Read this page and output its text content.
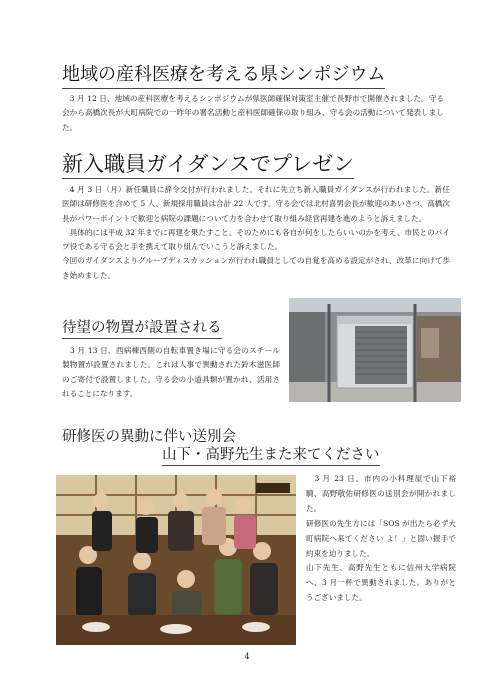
地域の産科医療を考える県シンポジウム

　3 月 12 日、地域の産科医療を考えるシンポジウムが県医師確保対策室主催で長野市で開催されました。守る会から高橋次長が大町病院での一昨年の署名活動と産科医師確保の取り組み、守る会の活動について発表しました。

新入職員ガイダンスでプレゼン

　4 月 3 日（月）新任職員に辞令交付が行われました。それに先立ち新入職員ガイダンスが行われました。新任医師は研修医を含めて 5 人、新規採用職員は合計 22 人です。守る会では北村喜男会長が歓迎のあいさつ、高橋次長がパワーポイントで歓迎と病院の課題について力を合わせて取り組み経営再建を進めようと訴えました。

　具体的には平成 32 年までに再建を果たすこと。そのためにも各自が何をしたらいいのかを考え、市民とのパイプ役である守る会と手を携えて取り組んでいこうと訴えました。

今回のガイダンスよりグループディスカッションが行われ職員としての自覚を高める設定がされ、改革に向けて歩き始めました。

待望の物置が設置される

　3 月 13 日、西病棟西側の自転車置き場に守る会のスチール製物置が設置されました。これは人事で異動された鈴木滋医師のご寄付で設置しました。守る会の小道具類が置かれ、活用されることになります。

研修医の異動に伴い送別会
山下・高野先生また来てください

　3 月 23 日、市内の小料理屋で山下裕騎、高野敬佑研修医の送別会が開かれました。

研修医の先生方には「SOS が出たら必ず大町病院へ来てください よ！」と固い握手で約束を迫りました。

山下先生、高野先生ともに信州大学病院へ、3 月一杯で異動されました。ありがとうございました。

4
